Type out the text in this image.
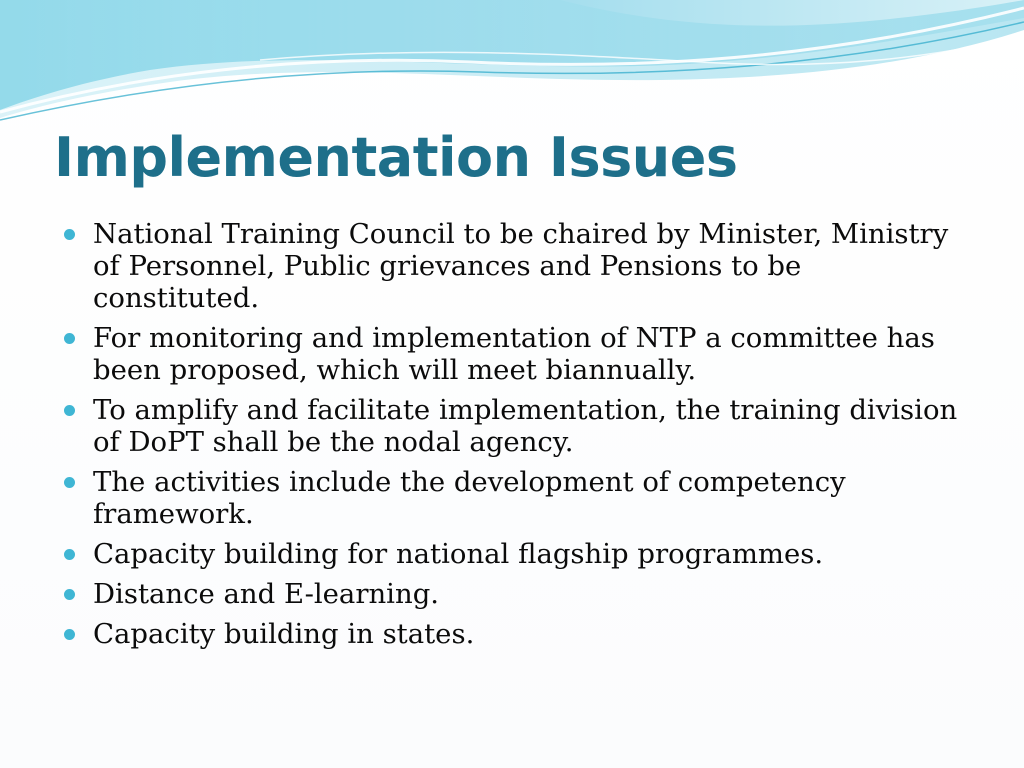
Implementation Issues
National Training Council to be chaired by Minister, Ministry of Personnel, Public grievances and Pensions to be constituted.
For monitoring and implementation of NTP a committee has been proposed, which will meet biannually.
To amplify and facilitate implementation, the training division of DoPT shall be the nodal agency.
The activities include the development of competency framework.
Capacity building for national flagship programmes.
Distance and E-learning.
Capacity building in states.
